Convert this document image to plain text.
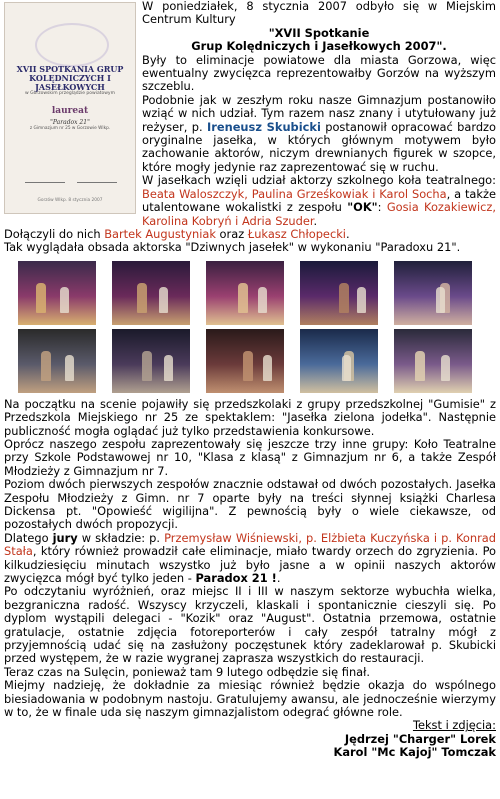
XVII SPOTKANIA GRUP KOLĘDNICZYCH I JASEŁKOWYCH
w Gorzowskim przeglądzie powiatowym
laureat
"Paradox 21"
z Gimnazjum nr 25 w Gorzowie Wlkp.
Gorzów Wlkp. 8 stycznia 2007

W poniedziałek, 8 stycznia 2007 odbyło się w Miejskim Centrum Kultury

"XVII Spotkanie

Grup Kolędniczych i Jasełkowych 2007".

Były to eliminacje powiatowe dla miasta Gorzowa, więc ewentualny zwycięzca reprezentowałby Gorzów na wyższym szczeblu.

Podobnie jak w zeszłym roku nasze Gimnazjum postanowiło wziąć w nich udział. Tym razem nasz znany i utytułowany już reżyser, p. Ireneusz Skubicki postanowił opracować bardzo oryginalne jasełka, w których głównym motywem było zachowanie aktorów, niczym drewnianych figurek w szopce, które mogły jedynie raz zaprezentować się w ruchu.

W jasełkach wzięli udział aktorzy szkolnego koła teatralnego: Beata Waloszczyk, Paulina Grześkowiak i Karol Socha, a także utalentowane wokalistki z zespołu "OK": Gosia Kozakiewicz, Karolina Kobryń i Adria Szuder.

Dołączyli do nich Bartek Augustyniak oraz Łukasz Chłopecki.

Tak wyglądała obsada aktorska "Dziwnych jasełek" w wykonaniu "Paradoxu 21".

Na początku na scenie pojawiły się przedszkolaki z grupy przedszkolnej "Gumisie" z Przedszkola Miejskiego nr 25 ze spektaklem: "Jasełka zielona jodełka". Następnie publiczność mogła oglądać już tylko przedstawienia konkursowe.

Oprócz naszego zespołu zaprezentowały się jeszcze trzy inne grupy: Koło Teatralne przy Szkole Podstawowej nr 10, "Klasa z klasą" z Gimnazjum nr 6, a także Zespół Młodzieży z Gimnazjum nr 7.

Poziom dwóch pierwszych zespołów znacznie odstawał od dwóch pozostałych. Jasełka Zespołu Młodzieży z Gimn. nr 7 oparte były na treści słynnej książki Charlesa Dickensa pt. "Opowieść wigilijna". Z pewnością były o wiele ciekawsze, od pozostałych dwóch propozycji.

Dlatego jury w składzie: p. Przemysław Wiśniewski, p. Elżbieta Kuczyńska i p. Konrad Stała, który również prowadził całe eliminacje, miało twardy orzech do zgryzienia. Po kilkudziesięciu minutach wszystko już było jasne a w opinii naszych aktorów zwycięzca mógł być tylko jeden - Paradox 21 !.

Po odczytaniu wyróżnień, oraz miejsc II i III w naszym sektorze wybuchła wielka, bezgraniczna radość. Wszyscy krzyczeli, klaskali i spontanicznie cieszyli się. Po dyplom wystąpili delegaci - "Kozik" oraz "August". Ostatnia przemowa, ostatnie gratulacje, ostatnie zdjęcia fotoreporterów i cały zespół tatralny mógł z przyjemnością udać się na zasłużony poczęstunek który zadeklarował p. Skubicki przed występem, że w razie wygranej zaprasza wszystkich do restauracji.

Teraz czas na Sulęcin, ponieważ tam 9 lutego odbędzie się finał.

Miejmy nadzieję, że dokładnie za miesiąc również będzie okazja do wspólnego biesiadowania w podobnym nastoju. Gratulujemy awansu, ale jednocześnie wierzymy w to, że w finale uda się naszym gimnazjalistom odegrać główne role.

Tekst i zdjęcia:

Jędrzej "Charger" Lorek

Karol "Mc Kajoj" Tomczak
